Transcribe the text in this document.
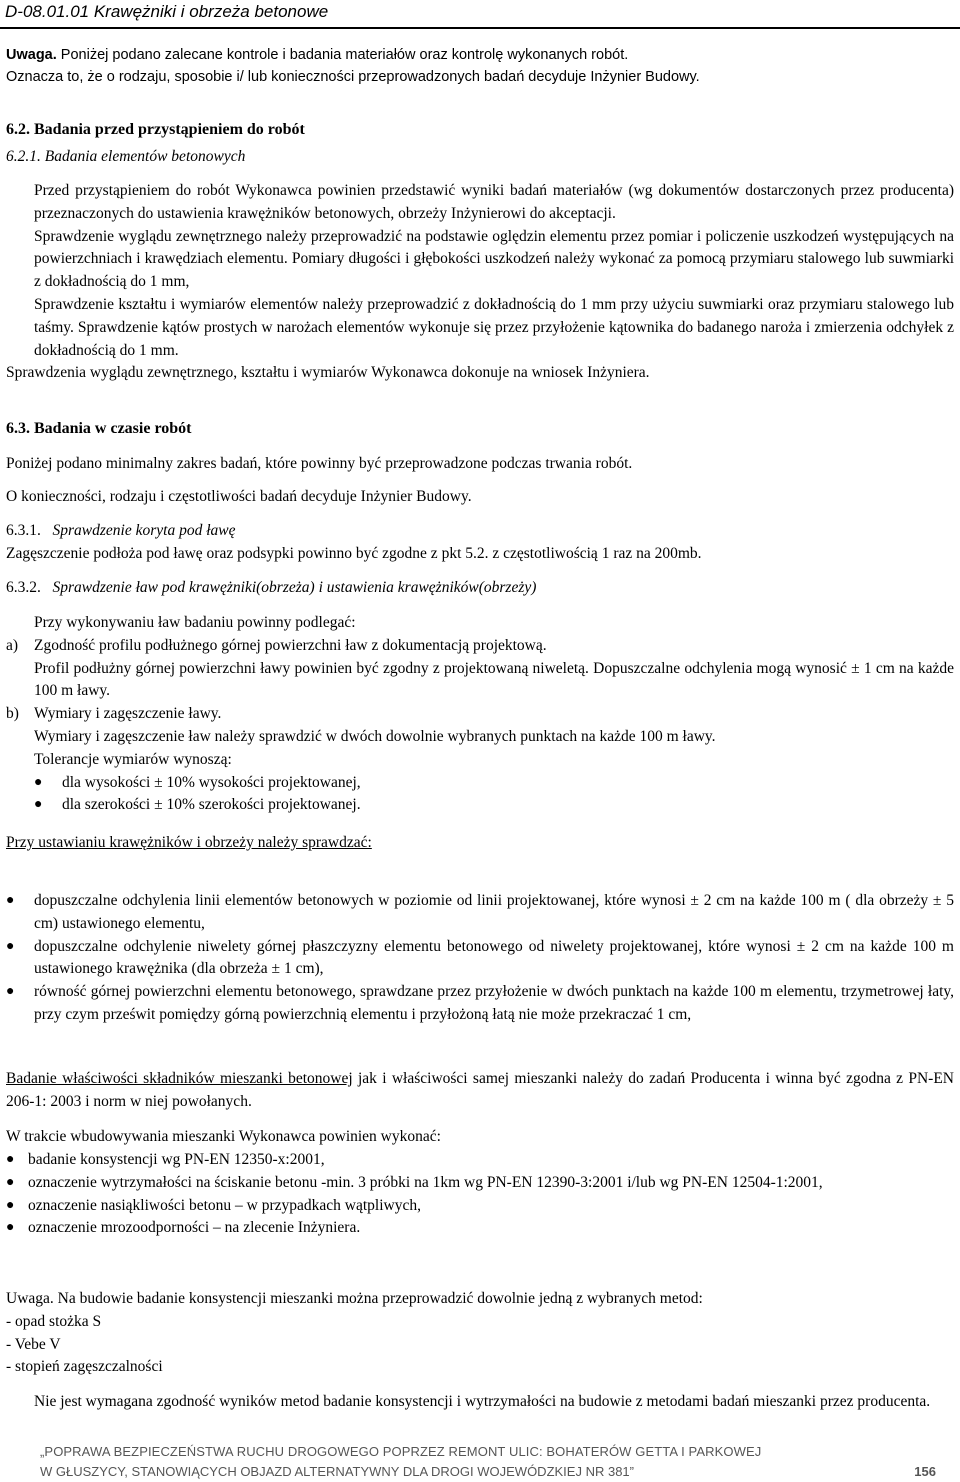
D-08.01.01 Krawężniki i obrzeża betonowe

Uwaga. Poniżej podano zalecane kontrole i badania materiałów oraz kontrolę wykonanych robót.

Oznacza to, że o rodzaju, sposobie i/ lub konieczności przeprowadzonych badań decyduje Inżynier Budowy.

6.2. Badania przed przystąpieniem do robót
6.2.1. Badania elementów betonowych

Przed przystąpieniem do robót Wykonawca powinien przedstawić wyniki badań materiałów (wg dokumentów dostarczonych przez producenta) przeznaczonych do ustawienia krawężników betonowych, obrzeży Inżynierowi do akceptacji.

Sprawdzenie wyglądu zewnętrznego należy przeprowadzić na podstawie oględzin elementu przez pomiar i policzenie uszkodzeń występujących na powierzchniach i krawędziach elementu. Pomiary długości i głębokości uszkodzeń należy wykonać za pomocą przymiaru stalowego lub suwmiarki z dokładnością do 1 mm,

Sprawdzenie kształtu i wymiarów elementów należy przeprowadzić z dokładnością do 1 mm przy użyciu suwmiarki oraz przymiaru stalowego lub taśmy. Sprawdzenie kątów prostych w narożach elementów wykonuje się przez przyłożenie kątownika do badanego naroża i zmierzenia odchyłek z dokładnością do 1 mm.

Sprawdzenia wyglądu zewnętrznego, kształtu i wymiarów Wykonawca dokonuje na wniosek Inżyniera.

6.3. Badania w czasie robót
Poniżej podano minimalny zakres badań, które powinny być przeprowadzone podczas trwania robót.
O konieczności, rodzaju i częstotliwości badań decyduje Inżynier Budowy.
6.3.1. Sprawdzenie koryta pod ławę
Zagęszczenie podłoża pod ławę oraz podsypki powinno być zgodne z pkt 5.2. z częstotliwością 1 raz na 200mb.
6.3.2. Sprawdzenie ław pod krawężniki(obrzeża) i ustawienia krawężników(obrzeży)

Przy wykonywaniu ław badaniu powinny podlegać:

a) Zgodność profilu podłużnego górnej powierzchni ław z dokumentacją projektową.

Profil podłużny górnej powierzchni ławy powinien być zgodny z projektowaną niweletą. Dopuszczalne odchylenia mogą wynosić ± 1 cm na każde 100 m ławy.

b) Wymiary i zagęszczenie ławy.

Wymiary i zagęszczenie ław należy sprawdzić w dwóch dowolnie wybranych punktach na każde 100 m ławy.

Tolerancje wymiarów wynoszą:

● dla wysokości ± 10% wysokości projektowanej,

● dla szerokości ± 10% szerokości projektowanej.

Przy ustawianiu krawężników i obrzeży należy sprawdzać:
● dopuszczalne odchylenia linii elementów betonowych w poziomie od linii projektowanej, które wynosi ± 2 cm na każde 100 m ( dla obrzeży ± 5 cm) ustawionego elementu,

● dopuszczalne odchylenie niwelety górnej płaszczyzny elementu betonowego od niwelety projektowanej, które wynosi ± 2 cm na każde 100 m ustawionego krawężnika (dla obrzeża ± 1 cm),

● równość górnej powierzchni elementu betonowego, sprawdzane przez przyłożenie w dwóch punktach na każde 100 m elementu, trzymetrowej łaty, przy czym prześwit pomiędzy górną powierzchnią elementu i przyłożoną łatą nie może przekraczać 1 cm,

Badanie właściwości składników mieszanki betonowej jak i właściwości samej mieszanki należy do zadań Producenta i winna być zgodna z PN-EN 206-1: 2003 i norm w niej powołanych.
W trakcie wbudowywania mieszanki Wykonawca powinien wykonać:
● badanie konsystencji wg PN-EN 12350-x:2001,

● oznaczenie wytrzymałości na ściskanie betonu -min. 3 próbki na 1km wg PN-EN 12390-3:2001 i/lub wg PN-EN 12504-1:2001,

● oznaczenie nasiąkliwości betonu – w przypadkach wątpliwych,

● oznaczenie mrozoodporności – na zlecenie Inżyniera.

Uwaga. Na budowie badanie konsystencji mieszanki można przeprowadzić dowolnie jedną z wybranych metod:

- opad stożka S

- Vebe V

- stopień zagęszczalności

Nie jest wymagana zgodność wyników metod badanie konsystencji i wytrzymałości na budowie z metodami badań mieszanki przez producenta.

„POPRAWA BEZPIECZEŃSTWA RUCHU DROGOWEGO POPRZEZ REMONT ULIC: BOHATERÓW GETTA I PARKOWEJ
W GŁUSZYCY, STANOWIĄCYCH OBJAZD ALTERNATYWNY DLA DROGI WOJEWÓDZKIEJ NR 381”	156
